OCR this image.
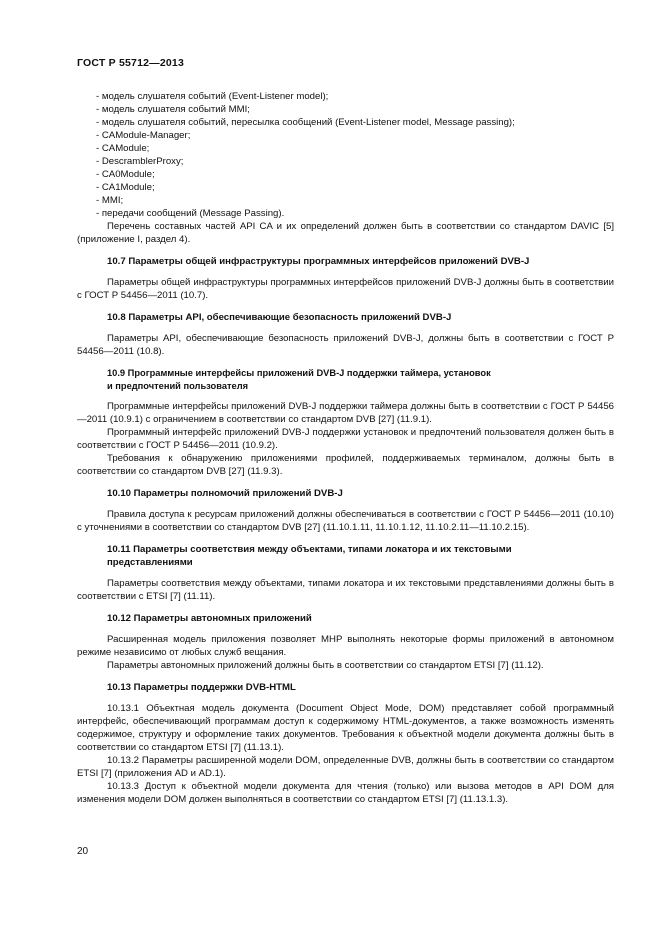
ГОСТ Р 55712—2013
- модель слушателя событий (Event-Listener model);
- модель слушателя событий MMI;
- модель слушателя событий, пересылка сообщений (Event-Listener model, Message passing);
- CAModule-Manager;
- CAModule;
- DescramblerProxy;
- CA0Module;
- CA1Module;
- MMI;
- передачи сообщений (Message Passing).
Перечень составных частей API CA и их определений должен быть в соответствии со стандартом DAVIC [5] (приложение I, раздел 4).
10.7 Параметры общей инфраструктуры программных интерфейсов приложений DVB-J
Параметры общей инфраструктуры программных интерфейсов приложений DVB-J должны быть в соответствии с ГОСТ Р 54456—2011 (10.7).
10.8 Параметры API, обеспечивающие безопасность приложений DVB-J
Параметры API, обеспечивающие безопасность приложений DVB-J, должны быть в соответствии с ГОСТ Р 54456—2011 (10.8).
10.9 Программные интерфейсы приложений DVB-J поддержки таймера, установок
и предпочтений пользователя
Программные интерфейсы приложений DVB-J поддержки таймера должны быть в соответствии с ГОСТ Р 54456—2011 (10.9.1) с ограничением в соответствии со стандартом DVB [27] (11.9.1).
Программный интерфейс приложений DVB-J поддержки установок и предпочтений пользователя должен быть в соответствии с ГОСТ Р 54456—2011 (10.9.2).
Требования к обнаружению приложениями профилей, поддерживаемых терминалом, должны быть в соответствии со стандартом DVB [27] (11.9.3).
10.10 Параметры полномочий приложений DVB-J
Правила доступа к ресурсам приложений должны обеспечиваться в соответствии с ГОСТ Р 54456—2011 (10.10) с уточнениями в соответствии со стандартом DVB [27] (11.10.1.11, 11.10.1.12, 11.10.2.11—11.10.2.15).
10.11 Параметры соответствия между объектами, типами локатора и их текстовыми
представлениями
Параметры соответствия между объектами, типами локатора и их текстовыми представлениями должны быть в соответствии с ETSI [7] (11.11).
10.12 Параметры автономных приложений
Расширенная модель приложения позволяет MHP выполнять некоторые формы приложений в автономном режиме независимо от любых служб вещания.
Параметры автономных приложений должны быть в соответствии со стандартом ETSI [7] (11.12).
10.13 Параметры поддержки DVB-HTML
10.13.1 Объектная модель документа (Document Object Mode, DOM) представляет собой программный интерфейс, обеспечивающий программам доступ к содержимому HTML-документов, а также возможность изменять содержимое, структуру и оформление таких документов. Требования к объектной модели документа должны быть в соответствии со стандартом ETSI [7] (11.13.1).
10.13.2 Параметры расширенной модели DOM, определенные DVB, должны быть в соответствии со стандартом ETSI [7] (приложения AD и AD.1).
10.13.3 Доступ к объектной модели документа для чтения (только) или вызова методов в API DOM для изменения модели DOM должен выполняться в соответствии со стандартом ETSI [7] (11.13.1.3).
20
